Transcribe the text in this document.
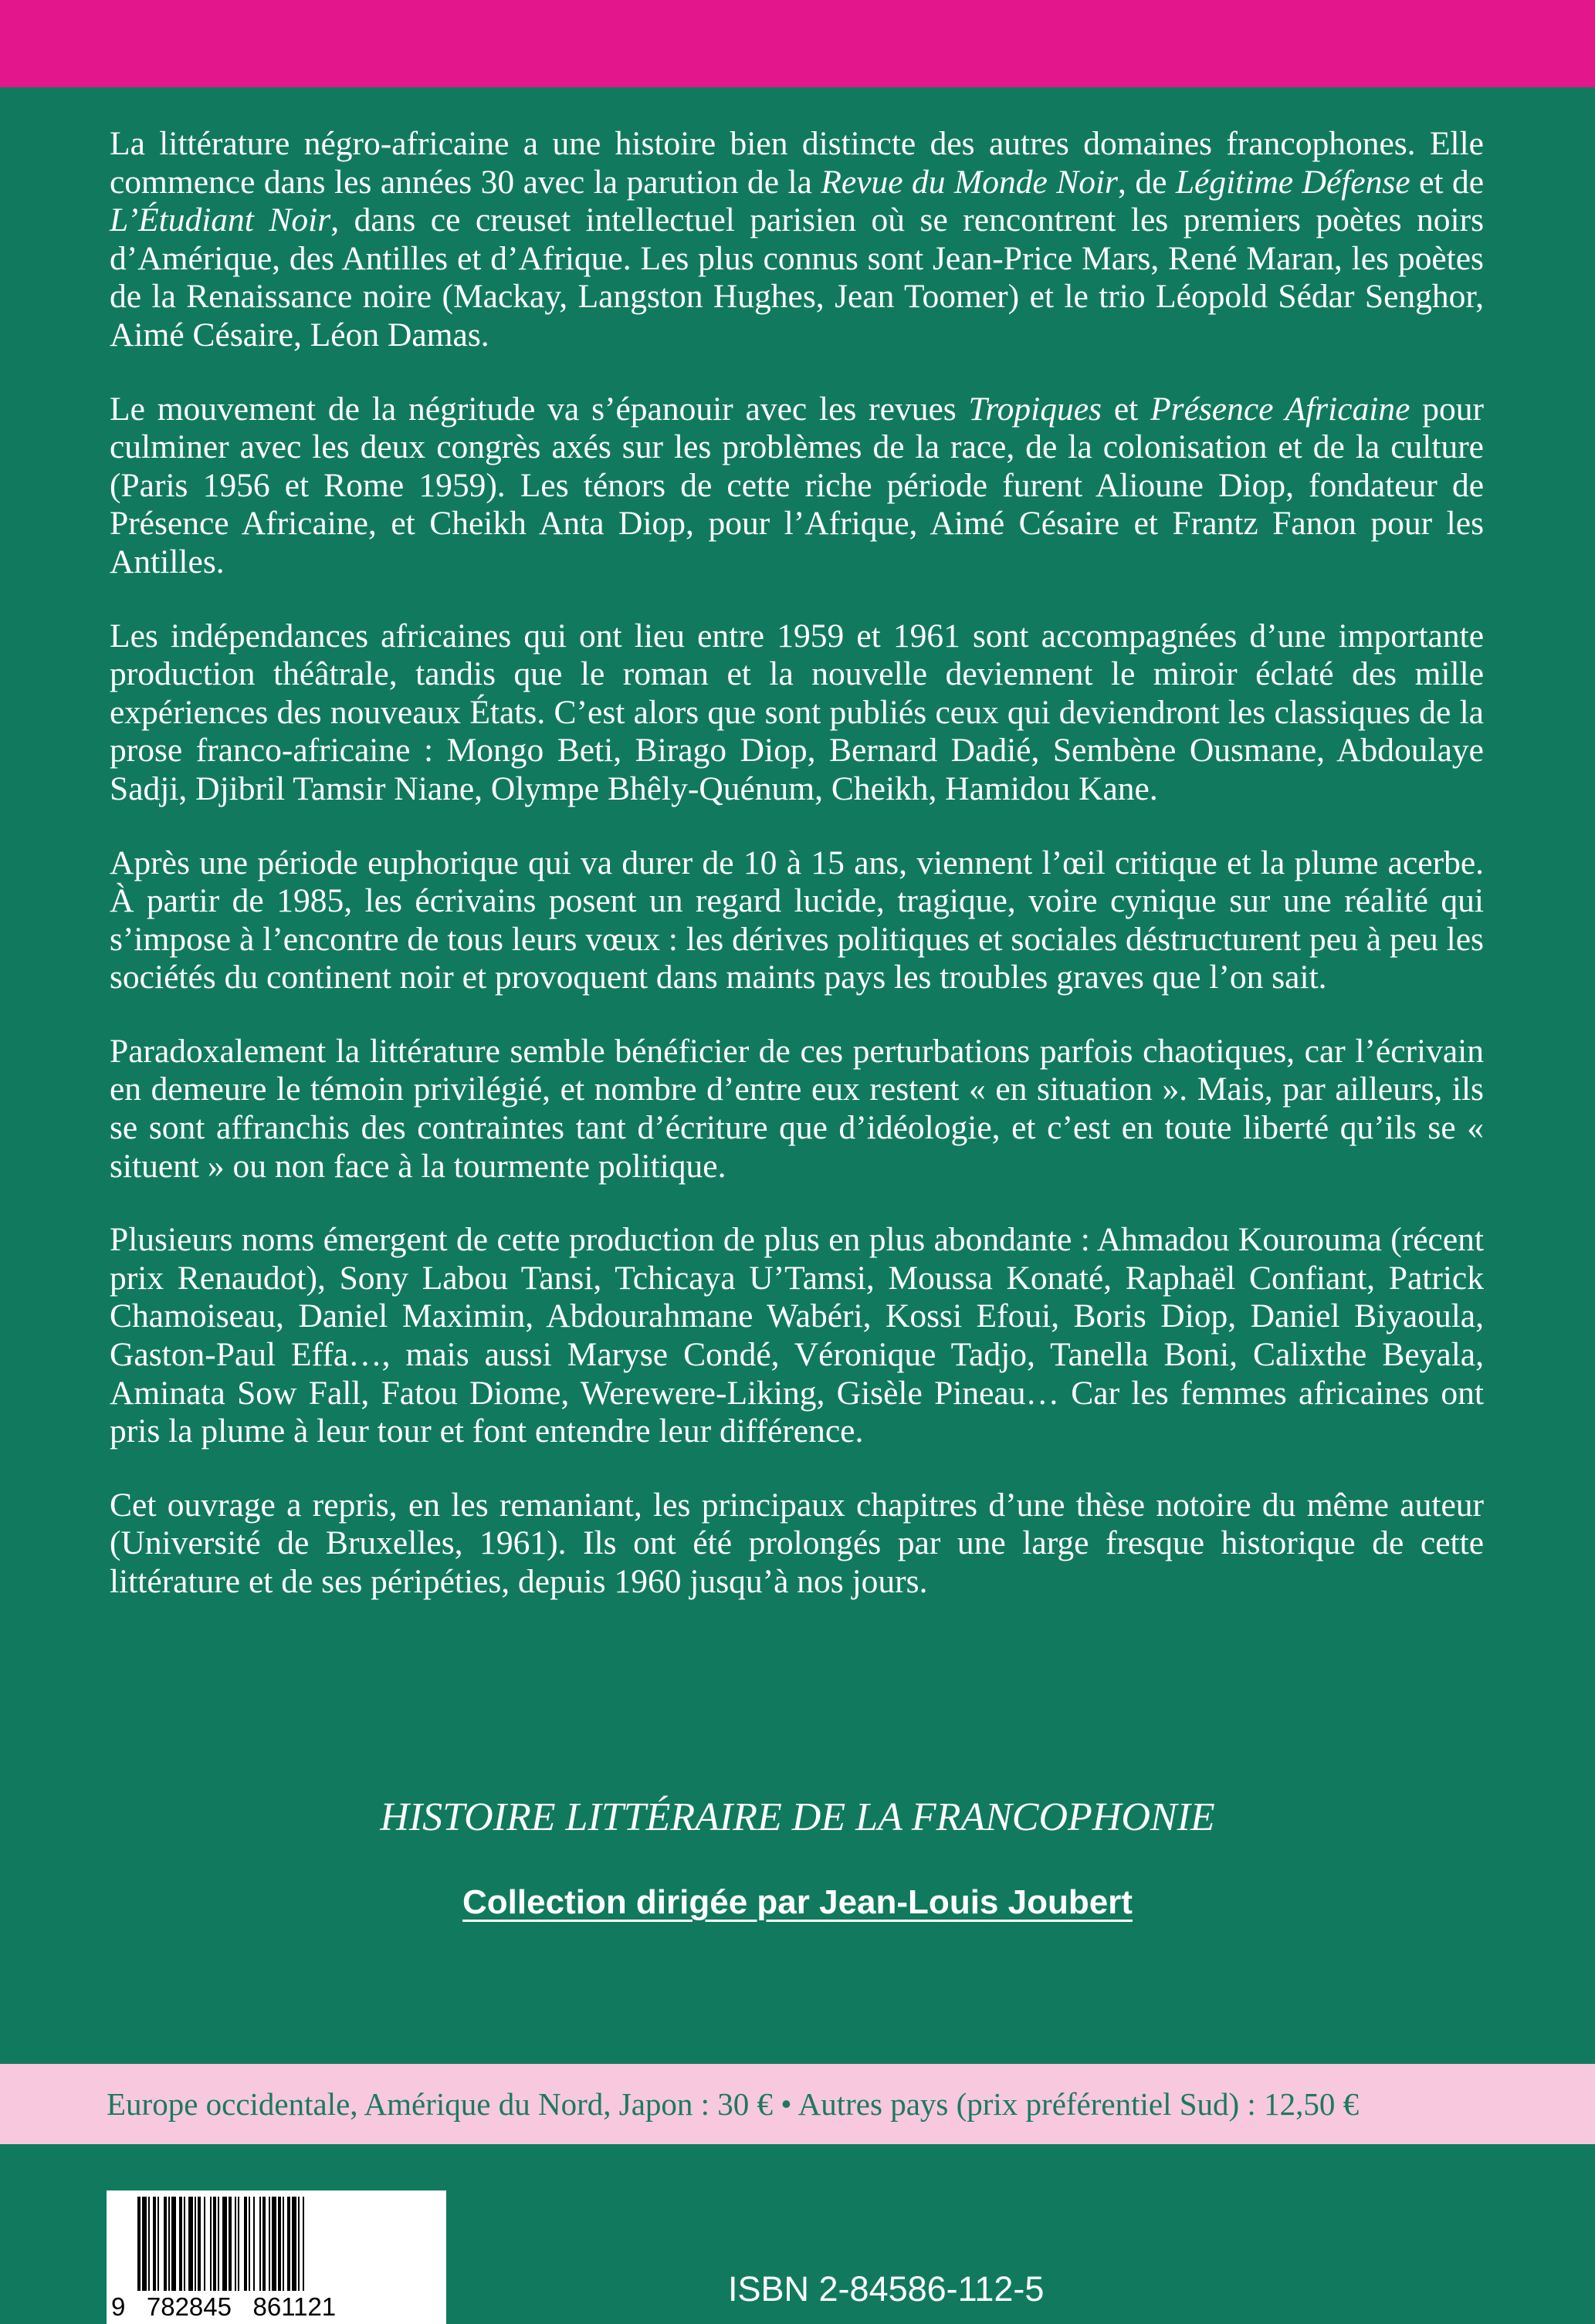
La littérature négro-africaine a une histoire bien distincte des autres domaines francophones. Elle commence dans les années 30 avec la parution de la Revue du Monde Noir, de Légitime Défense et de L’Étudiant Noir, dans ce creuset intellectuel parisien où se rencontrent les premiers poètes noirs d’Amérique, des Antilles et d’Afrique. Les plus connus sont Jean-Price Mars, René Maran, les poètes de la Renaissance noire (Mackay, Langston Hughes, Jean Toomer) et le trio Léopold Sédar Senghor, Aimé Césaire, Léon Damas.

Le mouvement de la négritude va s’épanouir avec les revues Tropiques et Présence Africaine pour culminer avec les deux congrès axés sur les problèmes de la race, de la colonisation et de la culture (Paris 1956 et Rome 1959). Les ténors de cette riche période furent Alioune Diop, fondateur de Présence Africaine, et Cheikh Anta Diop, pour l’Afrique, Aimé Césaire et Frantz Fanon pour les Antilles.

Les indépendances africaines qui ont lieu entre 1959 et 1961 sont accompagnées d’une importante production théâtrale, tandis que le roman et la nouvelle deviennent le miroir éclaté des mille expériences des nouveaux États. C’est alors que sont publiés ceux qui deviendront les classiques de la prose franco-africaine : Mongo Beti, Birago Diop, Bernard Dadié, Sembène Ousmane, Abdoulaye Sadji, Djibril Tamsir Niane, Olympe Bhêly-Quénum, Cheikh, Hamidou Kane.

Après une période euphorique qui va durer de 10 à 15 ans, viennent l’œil critique et la plume acerbe. À partir de 1985, les écrivains posent un regard lucide, tragique, voire cynique sur une réalité qui s’impose à l’encontre de tous leurs vœux : les dérives politiques et sociales déstructurent peu à peu les sociétés du continent noir et provoquent dans maints pays les troubles graves que l’on sait.

Paradoxalement la littérature semble bénéficier de ces perturbations parfois chaotiques, car l’écrivain en demeure le témoin privilégié, et nombre d’entre eux restent « en situation ». Mais, par ailleurs, ils se sont affranchis des contraintes tant d’écriture que d’idéologie, et c’est en toute liberté qu’ils se « situent » ou non face à la tourmente politique.

Plusieurs noms émergent de cette production de plus en plus abondante : Ahmadou Kourouma (récent prix Renaudot), Sony Labou Tansi, Tchicaya U’Tamsi, Moussa Konaté, Raphaël Confiant, Patrick Chamoiseau, Daniel Maximin, Abdourahmane Wabéri, Kossi Efoui, Boris Diop, Daniel Biyaoula, Gaston-Paul Effa…, mais aussi Maryse Condé, Véronique Tadjo, Tanella Boni, Calixthe Beyala, Aminata Sow Fall, Fatou Diome, Werewere-Liking, Gisèle Pineau… Car les femmes africaines ont pris la plume à leur tour et font entendre leur différence.

Cet ouvrage a repris, en les remaniant, les principaux chapitres d’une thèse notoire du même auteur (Université de Bruxelles, 1961). Ils ont été prolongés par une large fresque historique de cette littérature et de ses péripéties, depuis 1960 jusqu’à nos jours.

HISTOIRE LITTÉRAIRE DE LA FRANCOPHONIE
Collection dirigée par Jean-Louis Joubert
Europe occidentale, Amérique du Nord, Japon : 30 € • Autres pays (prix préférentiel Sud) : 12,50 €
9   782845   861121	ISBN 2-84586-112-5
